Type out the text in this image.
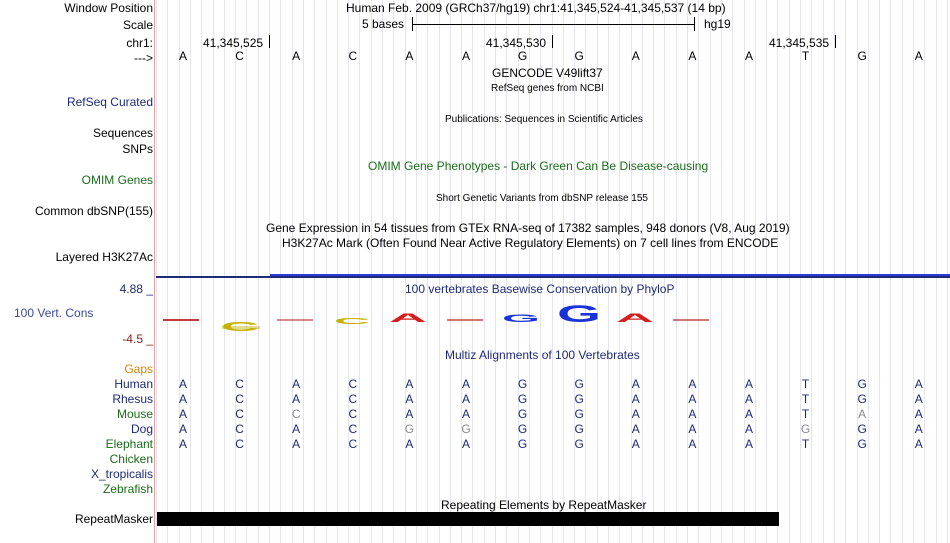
Window Position	Human Feb. 2009 (GRCh37/hg19) chr1:41,345,524-41,345,537 (14 bp)
Scale	5 bases	hg19
chr1:	41,345,525	41,345,530	41,345,535
---> A	C	A	C	A	A	G	G	A	A	A	T	G	A
GENCODE V49lift37
RefSeq genes from NCBI
RefSeq Curated
Publications: Sequences in Scientific Articles
Sequences
SNPs
OMIM Gene Phenotypes - Dark Green Can Be Disease-causing
OMIM Genes
Short Genetic Variants from dbSNP release 155
Common dbSNP(155)
Gene Expression in 54 tissues from GTEx RNA-seq of 17382 samples, 948 donors (V8, Aug 2019)
H3K27Ac Mark (Often Found Near Active Regulatory Elements) on 7 cell lines from ENCODE
Layered H3K27Ac
4.88 _	100 vertebrates Basewise Conservation by PhyloP
100 Vert. Cons
-4.5 _
C	C A	G G A
Multiz Alignments of 100 Vertebrates
Gaps
Human A	C	A	C	A	A	G	G	A	A	A	T	G	A
Rhesus A	C	A	C	A	A	G	G	A	A	A	T	G	A
Mouse A	C	C	C	A	A	G	G	A	A	A	T	A	A
Dog A	C	A	C	G	G	G	G	A	A	A	G	G	A
Elephant A	C	A	C	A	A	G	G	A	A	A	T	G	A
Chicken
X_tropicalis
Zebrafish
Repeating Elements by RepeatMasker
RepeatMasker
